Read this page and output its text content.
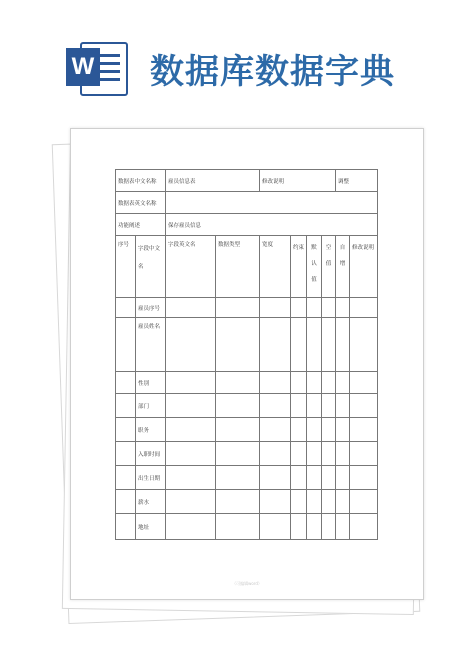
W 数据库数据字典
数据表中文名称		雇员信息表		修改说明				调整	
数据表英文名称									
功能阐述		保存雇员信息							
序号	字段中文名	字段英文名	数据类型	宽度	约束	默认值	空值	自增	修改说明
	雇员序号								
	雇员姓名								
	性别								
	部门								
	职务								
	入职时间								
	出生日期								
	薪水								
	地址								
（可编辑word）
